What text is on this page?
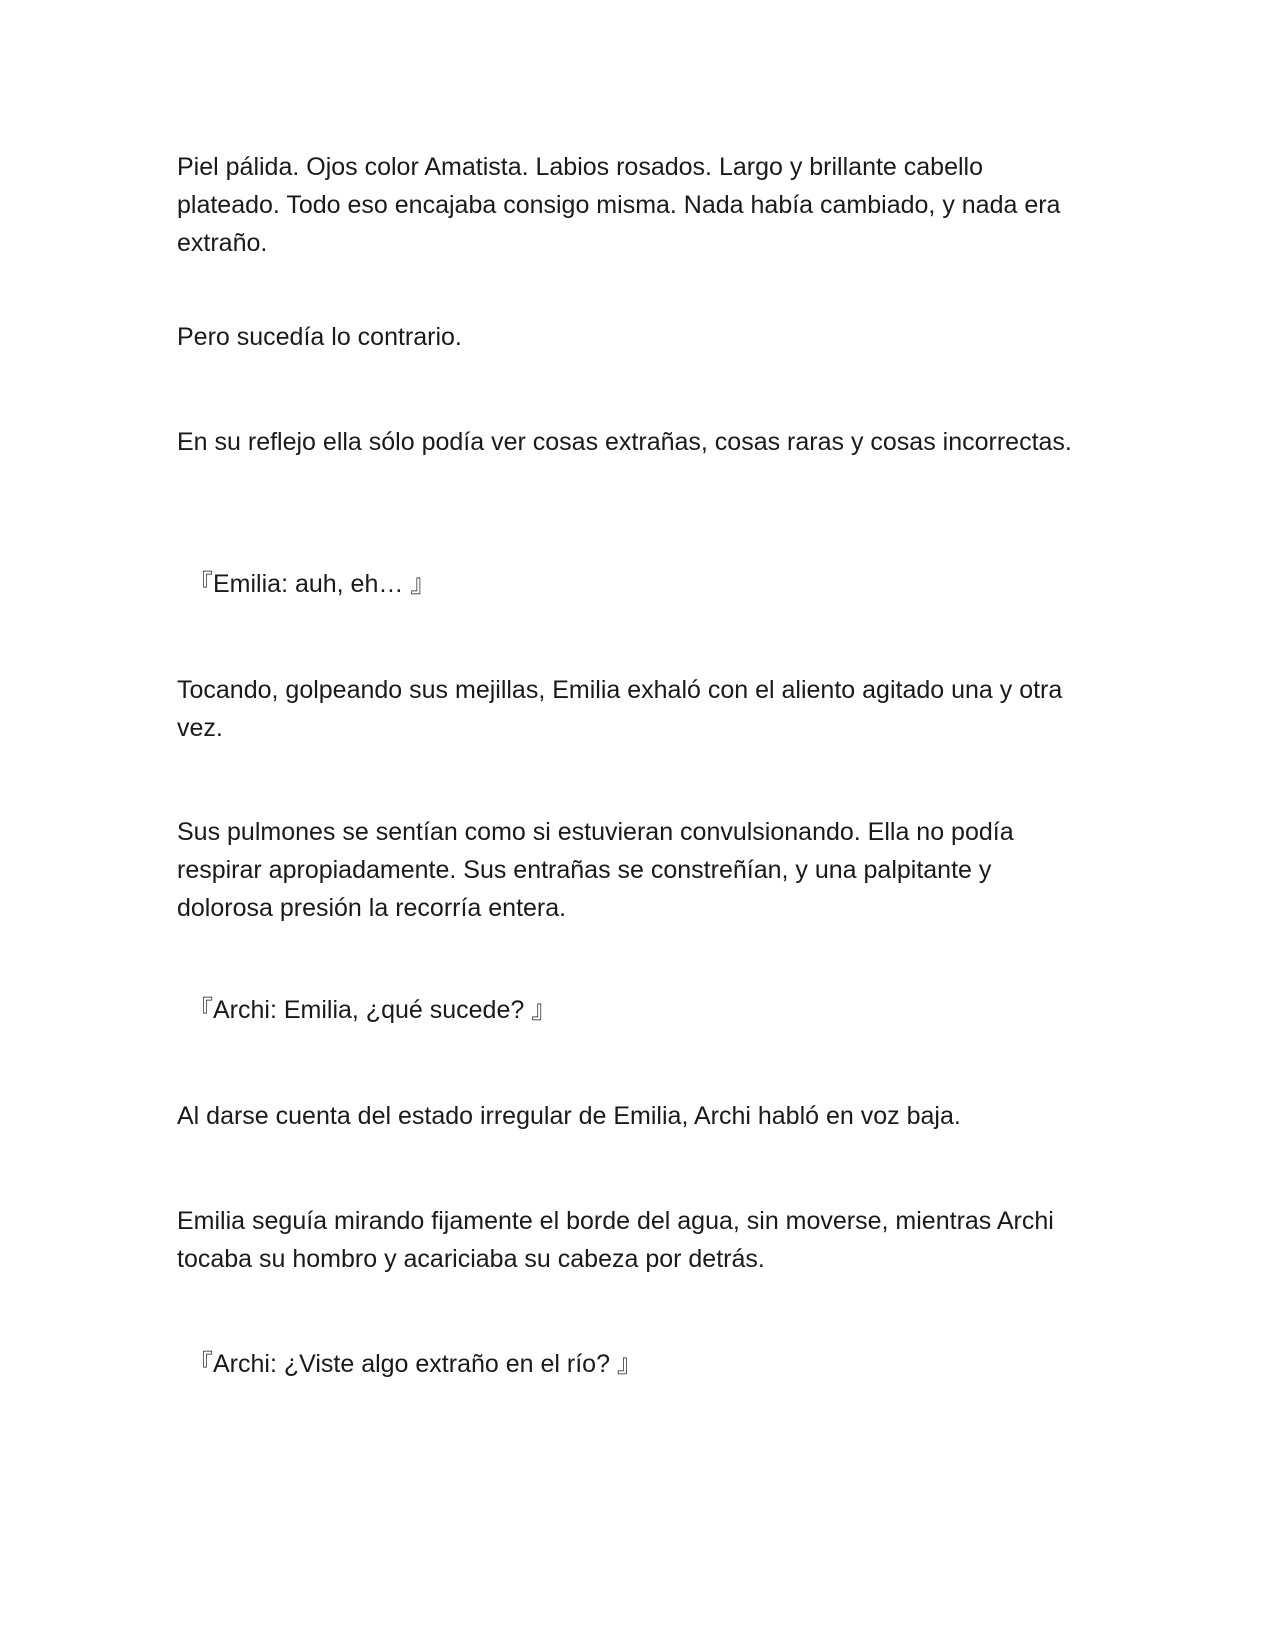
Piel pálida. Ojos color Amatista. Labios rosados. Largo y brillante cabello plateado. Todo eso encajaba consigo misma. Nada había cambiado, y nada era extraño.

Pero sucedía lo contrario.

En su reflejo ella sólo podía ver cosas extrañas, cosas raras y cosas incorrectas.

『Emilia: auh, eh… 』

Tocando, golpeando sus mejillas, Emilia exhaló con el aliento agitado una y otra vez.

Sus pulmones se sentían como si estuvieran convulsionando. Ella no podía respirar apropiadamente. Sus entrañas se constreñían, y una palpitante y dolorosa presión la recorría entera.

『Archi: Emilia, ¿qué sucede? 』

Al darse cuenta del estado irregular de Emilia, Archi habló en voz baja.

Emilia seguía mirando fijamente el borde del agua, sin moverse, mientras Archi tocaba su hombro y acariciaba su cabeza por detrás.

『Archi: ¿Viste algo extraño en el río? 』
